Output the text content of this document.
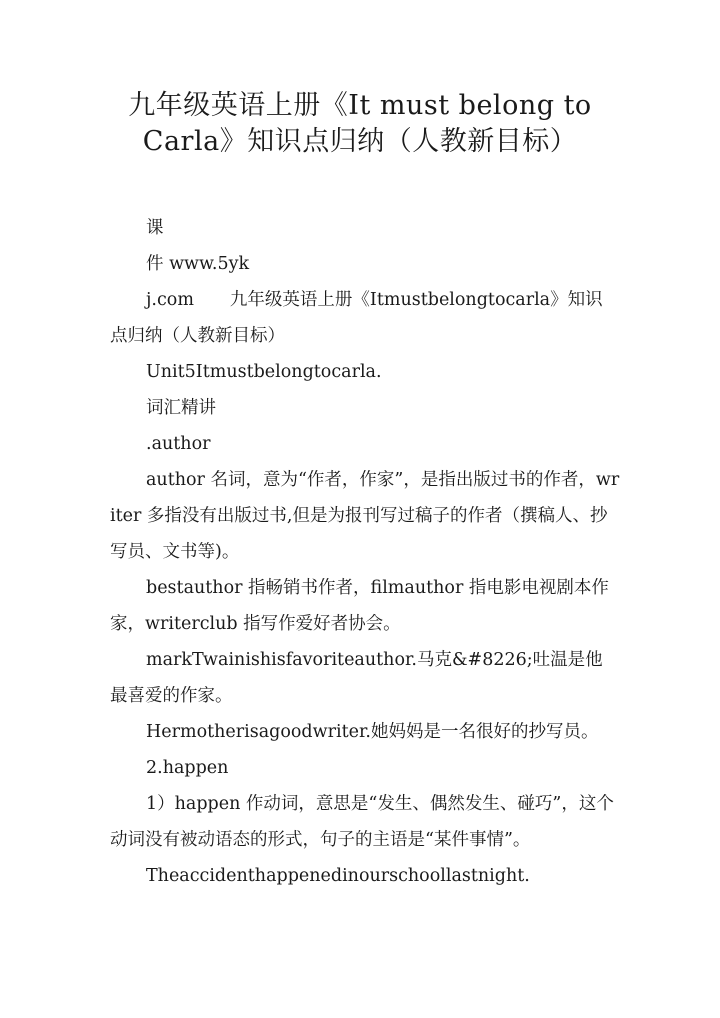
九年级英语上册《It must belong to
Carla》知识点归纳（人教新目标）
课
件 www.5yk
j.com 九年级英语上册《Itmustbelongtocarla》知识点归纳（人教新目标）
Unit5Itmustbelongtocarla.
词汇精讲
.author
author 名词，意为“作者，作家”，是指出版过书的作者，writer 多指没有出版过书,但是为报刊写过稿子的作者（撰稿人、抄写员、文书等)。
bestauthor 指畅销书作者，filmauthor 指电影电视剧本作家，writerclub 指写作爱好者协会。
markTwainishisfavoriteauthor.马克&#8226;吐温是他最喜爱的作家。
Hermotherisagoodwriter.她妈妈是一名很好的抄写员。
2.happen
1）happen 作动词，意思是“发生、偶然发生、碰巧”，这个动词没有被动语态的形式，句子的主语是“某件事情”。
Theaccidenthappenedinourschoollastnight.
